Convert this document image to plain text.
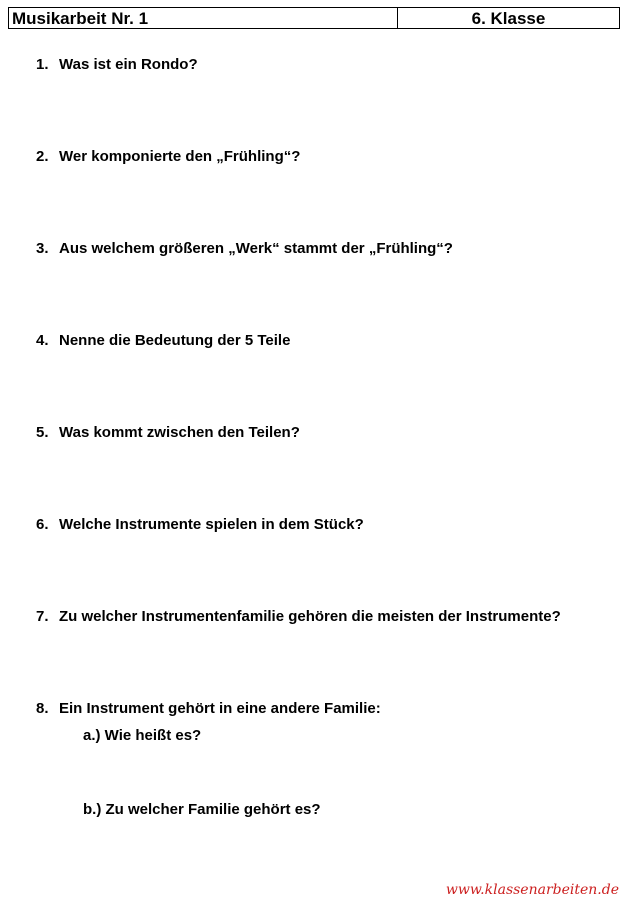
Musikarbeit Nr. 1	6. Klasse
1. Was ist ein Rondo?
2. Wer komponierte den „Frühling“?
3. Aus welchem größeren „Werk“ stammt der „Frühling“?
4. Nenne die Bedeutung der 5 Teile
5. Was kommt zwischen den Teilen?
6. Welche Instrumente spielen in dem Stück?
7. Zu welcher Instrumentenfamilie gehören die meisten der Instrumente?
8. Ein Instrument gehört in eine andere Familie:
a.) Wie heißt es?
b.) Zu welcher Familie gehört es?
www.klassenarbeiten.de
